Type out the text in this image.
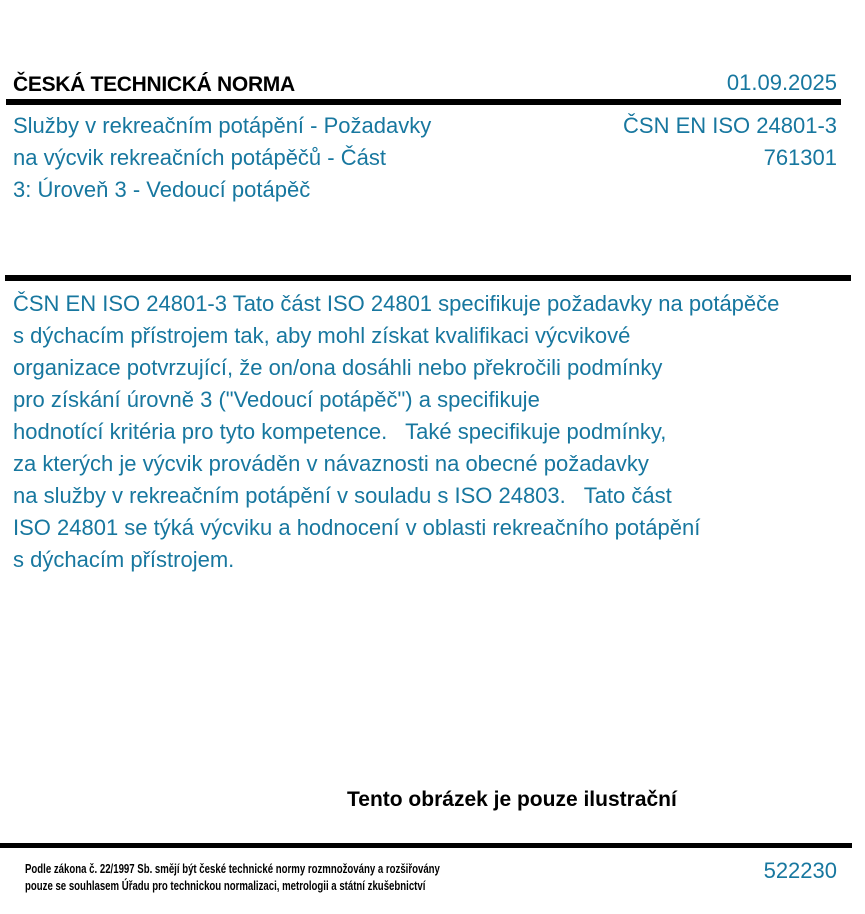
ČESKÁ TECHNICKÁ NORMA	01.09.2025
Služby v rekreačním potápění - Požadavky
na výcvik rekreačních potápěčů - Část
3: Úroveň 3 - Vedoucí potápěč
ČSN EN ISO 24801-3
761301
ČSN EN ISO 24801-3 Tato část ISO 24801 specifikuje požadavky na potápěče
s dýchacím přístrojem tak, aby mohl získat kvalifikaci výcvikové
organizace potvrzující, že on/ona dosáhli nebo překročili podmínky
pro získání úrovně 3 ("Vedoucí potápěč") a specifikuje
hodnotící kritéria pro tyto kompetence.   Také specifikuje podmínky,
za kterých je výcvik prováděn v návaznosti na obecné požadavky
na služby v rekreačním potápění v souladu s ISO 24803.   Tato část
ISO 24801 se týká výcviku a hodnocení v oblasti rekreačního potápění
s dýchacím přístrojem.
Tento obrázek je pouze ilustrační
Podle zákona č. 22/1997 Sb. smějí být české technické normy rozmnožovány a rozšiřovány
pouze se souhlasem Úřadu pro technickou normalizaci, metrologii a státní zkušebnictví
522230
